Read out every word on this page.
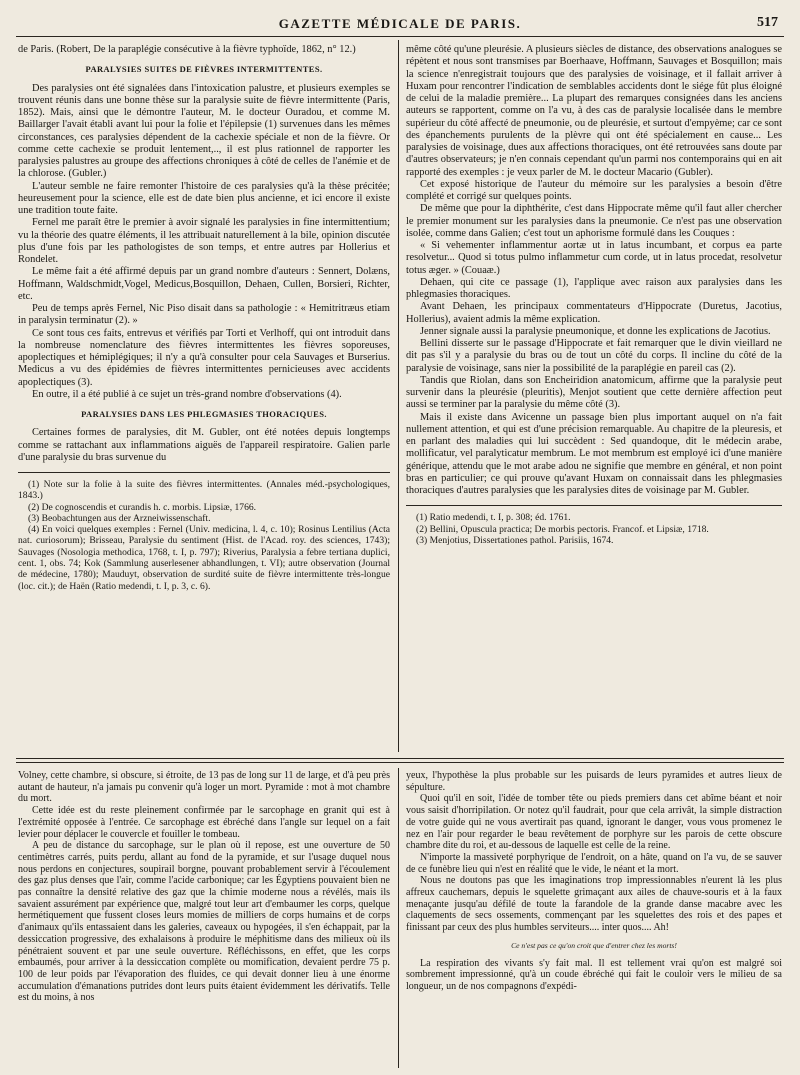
GAZETTE MÉDICALE DE PARIS.	517

de Paris. (Robert, De la paraplégie consécutive à la fièvre typhoïde, 1862, n° 12.)

PARALYSIES SUITES DE FIÈVRES INTERMITTENTES.

Des paralysies ont été signalées dans l'intoxication palustre, et plusieurs exemples se trouvent réunis dans une bonne thèse sur la paralysie suite de fièvre intermittente (Paris, 1852). Mais, ainsi que le démontre l'auteur, M. le docteur Ouradou, et comme M. Baillarger l'avait établi avant lui pour la folie et l'épilepsie (1) survenues dans les mêmes circonstances, ces paralysies dépendent de la cachexie spéciale et non de la fièvre. Or comme cette cachexie se produit lentement,.., il est plus rationnel de rapporter les paralysies palustres au groupe des affections chroniques à côté de celles de l'anémie et de la chlorose. (Gubler.)

L'auteur semble ne faire remonter l'histoire de ces paralysies qu'à la thèse précitée; heureusement pour la science, elle est de date bien plus ancienne, et ici encore il existe une tradition toute faite.

Fernel me paraît être le premier à avoir signalé les paralysies in fine intermittentium; vu la théorie des quatre éléments, il les attribuait naturellement à la bile, opinion discutée plus d'une fois par les pathologistes de son temps, et entre autres par Hollerius et Rondelet.

Le même fait a été affirmé depuis par un grand nombre d'auteurs : Sennert, Dolæns, Hoffmann, Waldschmidt,Vogel, Medicus,Bosquillon, Dehaen, Cullen, Borsieri, Richter, etc.

Peu de temps après Fernel, Nic Piso disait dans sa pathologie : « Hemitritræus etiam in paralysin terminatur (2). »

Ce sont tous ces faits, entrevus et vérifiés par Torti et Verlhoff, qui ont introduit dans la nombreuse nomenclature des fièvres intermittentes les fièvres soporeuses, apoplectiques et hémiplégiques; il n'y a qu'à consulter pour cela Sauvages et Burserius. Medicus a vu des épidémies de fièvres intermittentes pernicieuses avec accidents apoplectiques (3).

En outre, il a été publié à ce sujet un très-grand nombre d'observations (4).

PARALYSIES DANS LES PHLEGMASIES THORACIQUES.

Certaines formes de paralysies, dit M. Gubler, ont été notées depuis longtemps comme se rattachant aux inflammations aiguës de l'appareil respiratoire. Galien parle d'une paralysie du bras survenue du

(1) Note sur la folie à la suite des fièvres intermittentes. (Annales méd.-psychologiques, 1843.)

(2) De cognoscendis et curandis h. c. morbis. Lipsiæ, 1766.

(3) Beobachtungen aus der Arzneiwissenschaft.

(4) En voici quelques exemples : Fernel (Univ. medicina, l. 4, c. 10); Rosinus Lentilius (Acta nat. curiosorum); Brisseau, Paralysie du sentiment (Hist. de l'Acad. roy. des sciences, 1743); Sauvages (Nosologia methodica, 1768, t. I, p. 797); Riverius, Paralysia a febre tertiana duplici, cent. 1, obs. 74; Kok (Sammlung auserlesener abhandlungen, t. VI); autre observation (Journal de médecine, 1780); Mauduyt, observation de surdité suite de fièvre intermittente très-longue (loc. cit.); de Haën (Ratio medendi, t. I, p. 3, c. 6).

même côté qu'une pleurésie. A plusieurs siècles de distance, des observations analogues se répètent et nous sont transmises par Boerhaave, Hoffmann, Sauvages et Bosquillon; mais la science n'enregistrait toujours que des paralysies de voisinage, et il fallait arriver à Huxam pour rencontrer l'indication de semblables accidents dont le siége fût plus éloigné de celui de la maladie première... La plupart des remarques consignées dans les anciens auteurs se rapportent, comme on l'a vu, à des cas de paralysie localisée dans le membre supérieur du côté affecté de pneumonie, ou de pleurésie, et surtout d'empyème; car ce sont des épanchements purulents de la plèvre qui ont été spécialement en cause... Les paralysies de voisinage, dues aux affections thoraciques, ont été retrouvées sans doute par d'autres observateurs; je n'en connais cependant qu'un parmi nos contemporains qui en ait rapporté des exemples : je veux parler de M. le docteur Macario (Gubler).

Cet exposé historique de l'auteur du mémoire sur les paralysies a besoin d'être complété et corrigé sur quelques points.

De même que pour la diphthérite, c'est dans Hippocrate même qu'il faut aller chercher le premier monument sur les paralysies dans la pneumonie. Ce n'est pas une observation isolée, comme dans Galien; c'est tout un aphorisme formulé dans les Couques :

« Si vehementer inflammentur aortæ ut in latus incumbant, et corpus ea parte resolvetur... Quod si totus pulmo inflammetur cum corde, ut in latus procedat, resolvetur totus æger. » (Couaæ.)

Dehaen, qui cite ce passage (1), l'applique avec raison aux paralysies dans les phlegmasies thoraciques.

Avant Dehaen, les principaux commentateurs d'Hippocrate (Duretus, Jacotius, Hollerius), avaient admis la même explication.

Jenner signale aussi la paralysie pneumonique, et donne les explications de Jacotius.

Bellini disserte sur le passage d'Hippocrate et fait remarquer que le divin vieillard ne dit pas s'il y a paralysie du bras ou de tout un côté du corps. Il incline du côté de la paralysie de voisinage, sans nier la possibilité de la paraplégie en pareil cas (2).

Tandis que Riolan, dans son Encheiridion anatomicum, affirme que la paralysie peut survenir dans la pleurésie (pleuritis), Menjot soutient que cette dernière affection peut aussi se terminer par la paralysie du même côté (3).

Mais il existe dans Avicenne un passage bien plus important auquel on n'a fait nullement attention, et qui est d'une précision remarquable. Au chapitre de la pleuresis, et en parlant des maladies qui lui succèdent : Sed quandoque, dit le médecin arabe, mollificatur, vel paralyticatur membrum. Le mot membrum est employé ici d'une manière générique, attendu que le mot arabe adou ne signifie que membre en général, et non point bras en particulier; ce qui prouve qu'avant Huxam on connaissait dans les phlegmasies thoraciques d'autres paralysies que les paralysies dites de voisinage par M. Gubler.

(1) Ratio medendi, t. I, p. 308; éd. 1761.

(2) Bellini, Opuscula practica; De morbis pectoris. Francof. et Lipsiæ, 1718.

(3) Menjotius, Dissertationes pathol. Parisiis, 1674.

Volney, cette chambre, si obscure, si étroite, de 13 pas de long sur 11 de large, et d'à peu près autant de hauteur, n'a jamais pu convenir qu'à loger un mort. Pyramide : mot à mot chambre du mort.

Cette idée est du reste pleinement confirmée par le sarcophage en granit qui est à l'extrémité opposée à l'entrée. Ce sarcophage est ébréché dans l'angle sur lequel on a fait levier pour déplacer le couvercle et fouiller le tombeau.

A peu de distance du sarcophage, sur le plan où il repose, est une ouverture de 50 centimètres carrés, puits perdu, allant au fond de la pyramide, et sur l'usage duquel nous nous perdons en conjectures, soupirail borgne, pouvant probablement servir à l'écoulement des gaz plus denses que l'air, comme l'acide carbonique; car les Égyptiens pouvaient bien ne pas connaître la densité relative des gaz que la chimie moderne nous a révélés, mais ils savaient assurément par expérience que, malgré tout leur art d'embaumer les corps, quelque hermétiquement que fussent closes leurs momies de milliers de corps humains et de corps d'animaux qu'ils entassaient dans les galeries, caveaux ou hypogées, il s'en échappait, par la dessiccation progressive, des exhalaisons à produire le méphitisme dans des milieux où ils pénétraient souvent et par une seule ouverture. Réfléchissons, en effet, que les corps embaumés, pour arriver à la dessiccation complète ou momification, devaient perdre 75 p. 100 de leur poids par l'évaporation des fluides, ce qui devait donner lieu à une énorme accumulation d'émanations putrides dont leurs puits étaient évidemment les dérivatifs. Telle est du moins, à nos

yeux, l'hypothèse la plus probable sur les puisards de leurs pyramides et autres lieux de sépulture.

Quoi qu'il en soit, l'idée de tomber tête ou pieds premiers dans cet abîme béant et noir vous saisit d'horripilation. Or notez qu'il faudrait, pour que cela arrivât, la simple distraction de votre guide qui ne vous avertirait pas quand, ignorant le danger, vous vous promenez le nez en l'air pour regarder le beau revêtement de porphyre sur les parois de cette obscure chambre dite du roi, et au-dessous de laquelle est celle de la reine.

N'importe la massiveté porphyrique de l'endroit, on a hâte, quand on l'a vu, de se sauver de ce funèbre lieu qui n'est en réalité que le vide, le néant et la mort.

Nous ne doutons pas que les imaginations trop impressionnables n'eurent là les plus affreux cauchemars, depuis le squelette grimaçant aux ailes de chauve-souris et à la faux menaçante jusqu'au défilé de toute la farandole de la grande danse macabre avec les claquements de secs ossements, commençant par les squelettes des rois et des papes et finissant par ceux des plus humbles serviteurs.... inter quos.... Ah!

Ce n'est pas ce qu'on croit que d'entrer chez les morts!

La respiration des vivants s'y fait mal. Il est tellement vrai qu'on est malgré soi sombrement impressionné, qu'à un coude ébréché qui fait le couloir vers le milieu de sa longueur, un de nos compagnons d'expédi-
